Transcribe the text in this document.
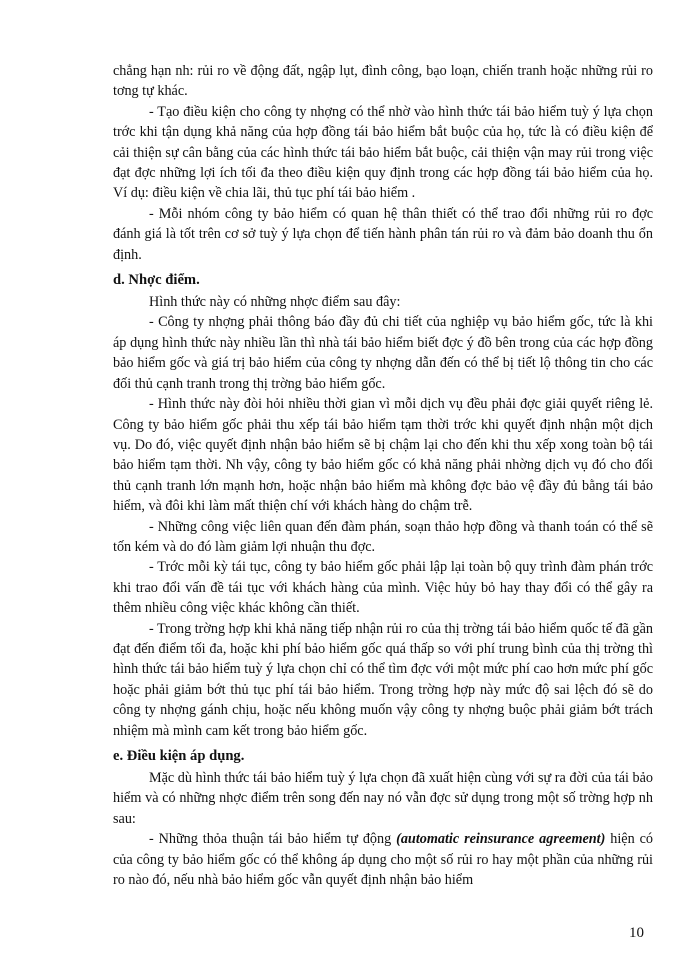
chẳng hạn nh: rủi ro về động đất, ngập lụt, đình công, bạo loạn, chiến tranh hoặc những rủi ro tơng tự khác.

- Tạo điều kiện cho công ty nhợng có thể nhờ vào hình thức tái bảo hiểm tuỳ ý lựa chọn trớc khi tận dụng khả năng của hợp đồng tái bảo hiểm bắt buộc của họ, tức là có điều kiện để cải thiện sự cân bằng của các hình thức tái bảo hiểm bắt buộc, cải thiện vận may rủi trong việc đạt đợc những lợi ích tối đa theo điều kiện quy định trong các hợp đồng tái bảo hiểm của họ. Ví dụ: điều kiện về chia lãi, thủ tục phí tái bảo hiểm .

- Mỗi nhóm công ty bảo hiểm có quan hệ thân thiết có thể trao đổi những rủi ro đợc đánh giá là tốt trên cơ sở tuỳ ý lựa chọn để tiến hành phân tán rủi ro và đảm bảo doanh thu ổn định.

d. Nhợc điểm.

Hình thức này có những nhợc điểm sau đây:

- Công ty nhợng phải thông báo đầy đủ chi tiết của nghiệp vụ bảo hiểm gốc, tức là khi áp dụng hình thức này nhiều lần thì nhà tái bảo hiểm biết đợc ý đồ bên trong của các hợp đồng bảo hiểm gốc và giá trị bảo hiểm của công ty nhợng dẫn đến có thể bị tiết lộ thông tin cho các đối thủ cạnh tranh trong thị trờng bảo hiểm gốc.

- Hình thức này đòi hỏi nhiều thời gian vì mỗi dịch vụ đều phải đợc giải quyết riêng lẻ. Công ty bảo hiểm gốc phải thu xếp tái bảo hiểm tạm thời trớc khi quyết định nhận một dịch vụ. Do đó, việc quyết định nhận bảo hiểm sẽ bị chậm lại cho đến khi thu xếp xong toàn bộ tái bảo hiểm tạm thời. Nh vậy, công ty bảo hiểm gốc có khả năng phải nhờng dịch vụ đó cho đối thủ cạnh tranh lớn mạnh hơn, hoặc nhận bảo hiểm mà không đợc bảo vệ đầy đủ bằng tái bảo hiểm, và đôi khi làm mất thiện chí với khách hàng do chậm trễ.

- Những công việc liên quan đến đàm phán, soạn thảo hợp đồng và thanh toán có thể sẽ tốn kém và do đó làm giảm lợi nhuận thu đợc.

- Trớc mỗi kỳ tái tục, công ty bảo hiểm gốc phải lập lại toàn bộ quy trình đàm phán trớc khi trao đổi vấn đề tái tục với khách hàng của mình. Việc hủy bỏ hay thay đổi có thể gây ra thêm nhiều công việc khác không cần thiết.

- Trong trờng hợp khi khả năng tiếp nhận rủi ro của thị trờng tái bảo hiểm quốc tế đã gần đạt đến điểm tối đa, hoặc khi phí bảo hiểm gốc quá thấp so với phí trung bình của thị trờng thì hình thức tái bảo hiểm tuỳ ý lựa chọn chỉ có thể tìm đợc với một mức phí cao hơn mức phí gốc hoặc phải giảm bớt thủ tục phí tái bảo hiểm. Trong trờng hợp này mức độ sai lệch đó sẽ do công ty nhợng gánh chịu, hoặc nếu không muốn vậy công ty nhợng buộc phải giảm bớt trách nhiệm mà mình cam kết trong bảo hiểm gốc.

e. Điều kiện áp dụng.

Mặc dù hình thức tái bảo hiểm tuỳ ý lựa chọn đã xuất hiện cùng với sự ra đời của tái bảo hiểm và có những nhợc điểm trên song đến nay nó vẫn đợc sử dụng trong một số trờng hợp nh sau:

- Những thỏa thuận tái bảo hiểm tự động (automatic reinsurance agreement) hiện có của công ty bảo hiểm gốc có thể không áp dụng cho một số rủi ro hay một phần của những rủi ro nào đó, nếu nhà bảo hiểm gốc vẫn quyết định nhận bảo hiểm

10
